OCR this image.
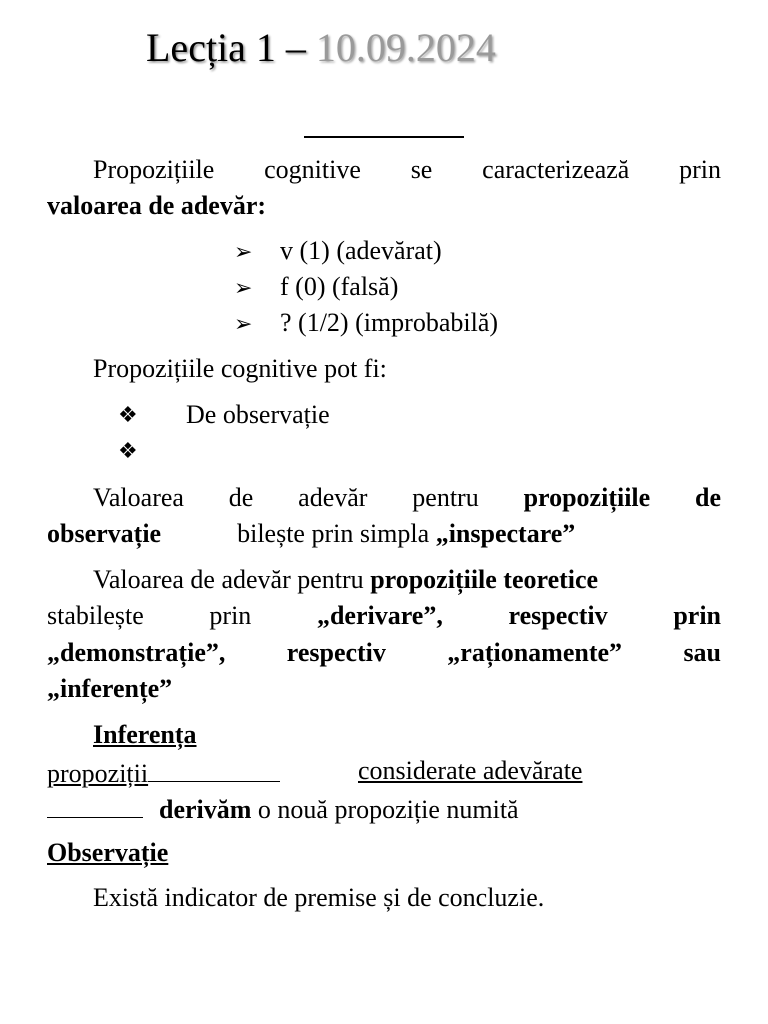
Lecția 1 – 10.09.2024
Propozițiile cognitive se caracterizează prin
valoarea de adevăr:
➢ v (1) (adevărat)
➢ f (0) (falsă)
➢ ? (1/2) (improbabilă)
Propozițiile cognitive pot fi:
❖ De observație
❖
Valoarea de adevăr pentru propozițiile de
observație	bilește prin simpla „inspectare”
Valoarea de adevăr pentru propozițiile teoretice
stabilește	prin	„derivare”,	respectiv	prin
„demonstrație”, respectiv „raționamente” sau
„inferențe”
Inferența
propoziții	considerate adevărate
derivăm o nouă propoziție numită
Observație
Există indicator de premise și de concluzie.
